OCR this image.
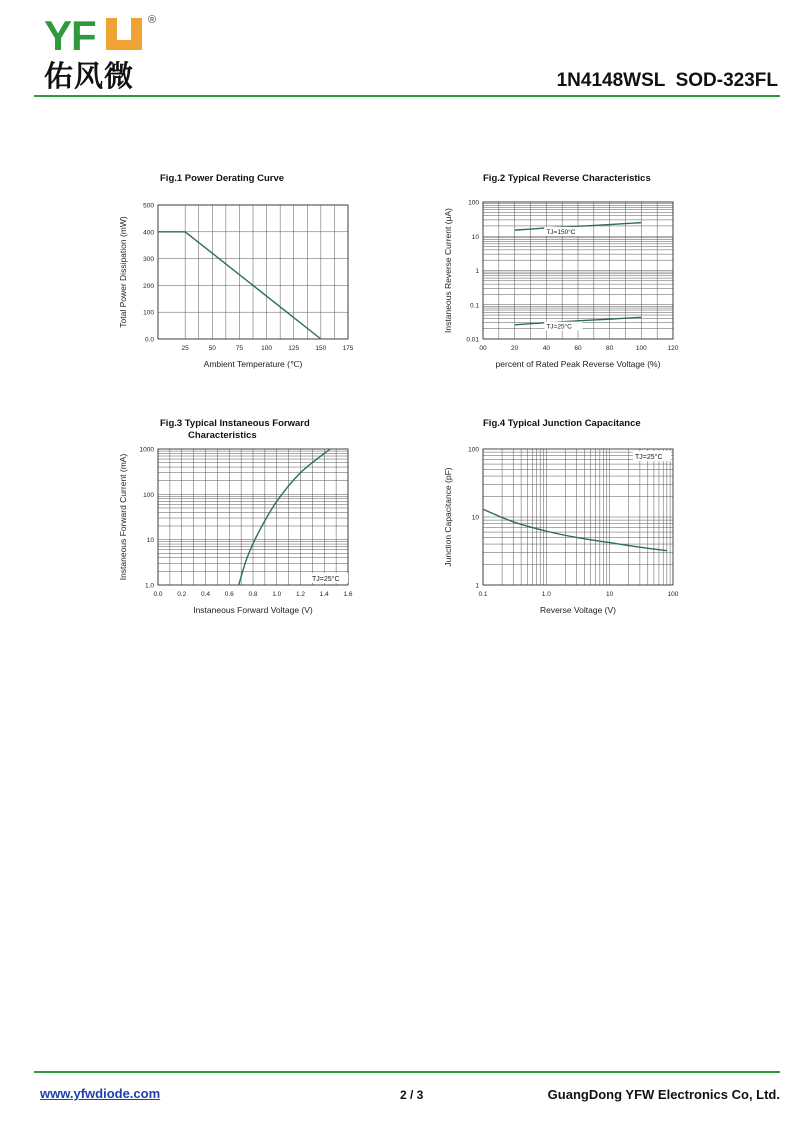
YF	®
佑风微	1N4148WSL  SOD-323FL
Fig.1 Power Derating Curve
25	50	75	100	125	150	175
0.0
100
200
300
400
500
Ambient Temperature (℃)
Total Power Dissipation (mW)
Fig.2 Typical Reverse Characteristics
00	20	40	60	80	100	120
0.01
0.1
1
10
100
percent of Rated Peak Reverse Voltage (%)
Instaneous Reverse Current (μA)	TJ=150°C
TJ=25°C
Fig.3 Typical Instaneous Forward
Characteristics
0.0 0.2 0.4 0.6 0.8 1.0 1.2 1.4 1.6
1.0
10
100
1000
Instaneous Forward Voltage (V)
Instaneous Forward Current (mA)	TJ=25°C
Fig.4 Typical Junction Capacitance
0.1	1.0	10	100
1
10
100
Reverse Voltage (V)
Junction Capacitance (pF)
TJ=25°C
www.yfwdiode.com	2 / 3	GuangDong YFW Electronics Co, Ltd.
